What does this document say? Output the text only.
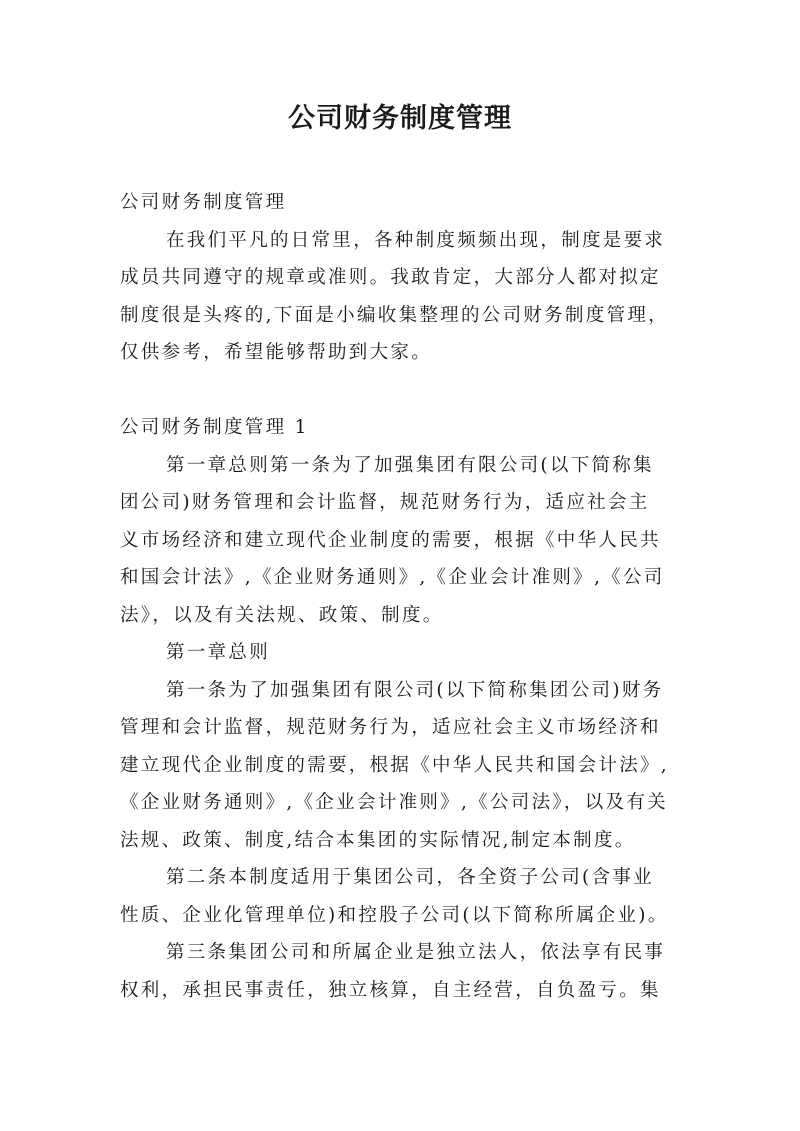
公司财务制度管理
公司财务制度管理
在我们平凡的日常里，各种制度频频出现，制度是要求
成员共同遵守的规章或准则。我敢肯定，大部分人都对拟定
制度很是头疼的,下面是小编收集整理的公司财务制度管理，
仅供参考，希望能够帮助到大家。
公司财务制度管理 1
第一章总则第一条为了加强集团有限公司(以下简称集
团公司)财务管理和会计监督，规范财务行为，适应社会主
义市场经济和建立现代企业制度的需要，根据《中华人民共
和国会计法》,《企业财务通则》,《企业会计准则》,《公司
法》，以及有关法规、政策、制度。
第一章总则
第一条为了加强集团有限公司(以下简称集团公司)财务
管理和会计监督，规范财务行为，适应社会主义市场经济和
建立现代企业制度的需要，根据《中华人民共和国会计法》,
《企业财务通则》,《企业会计准则》,《公司法》，以及有关
法规、政策、制度,结合本集团的实际情况,制定本制度。
第二条本制度适用于集团公司，各全资子公司(含事业
性质、企业化管理单位)和控股子公司(以下简称所属企业)。
第三条集团公司和所属企业是独立法人，依法享有民事
权利，承担民事责任，独立核算，自主经营，自负盈亏。集
